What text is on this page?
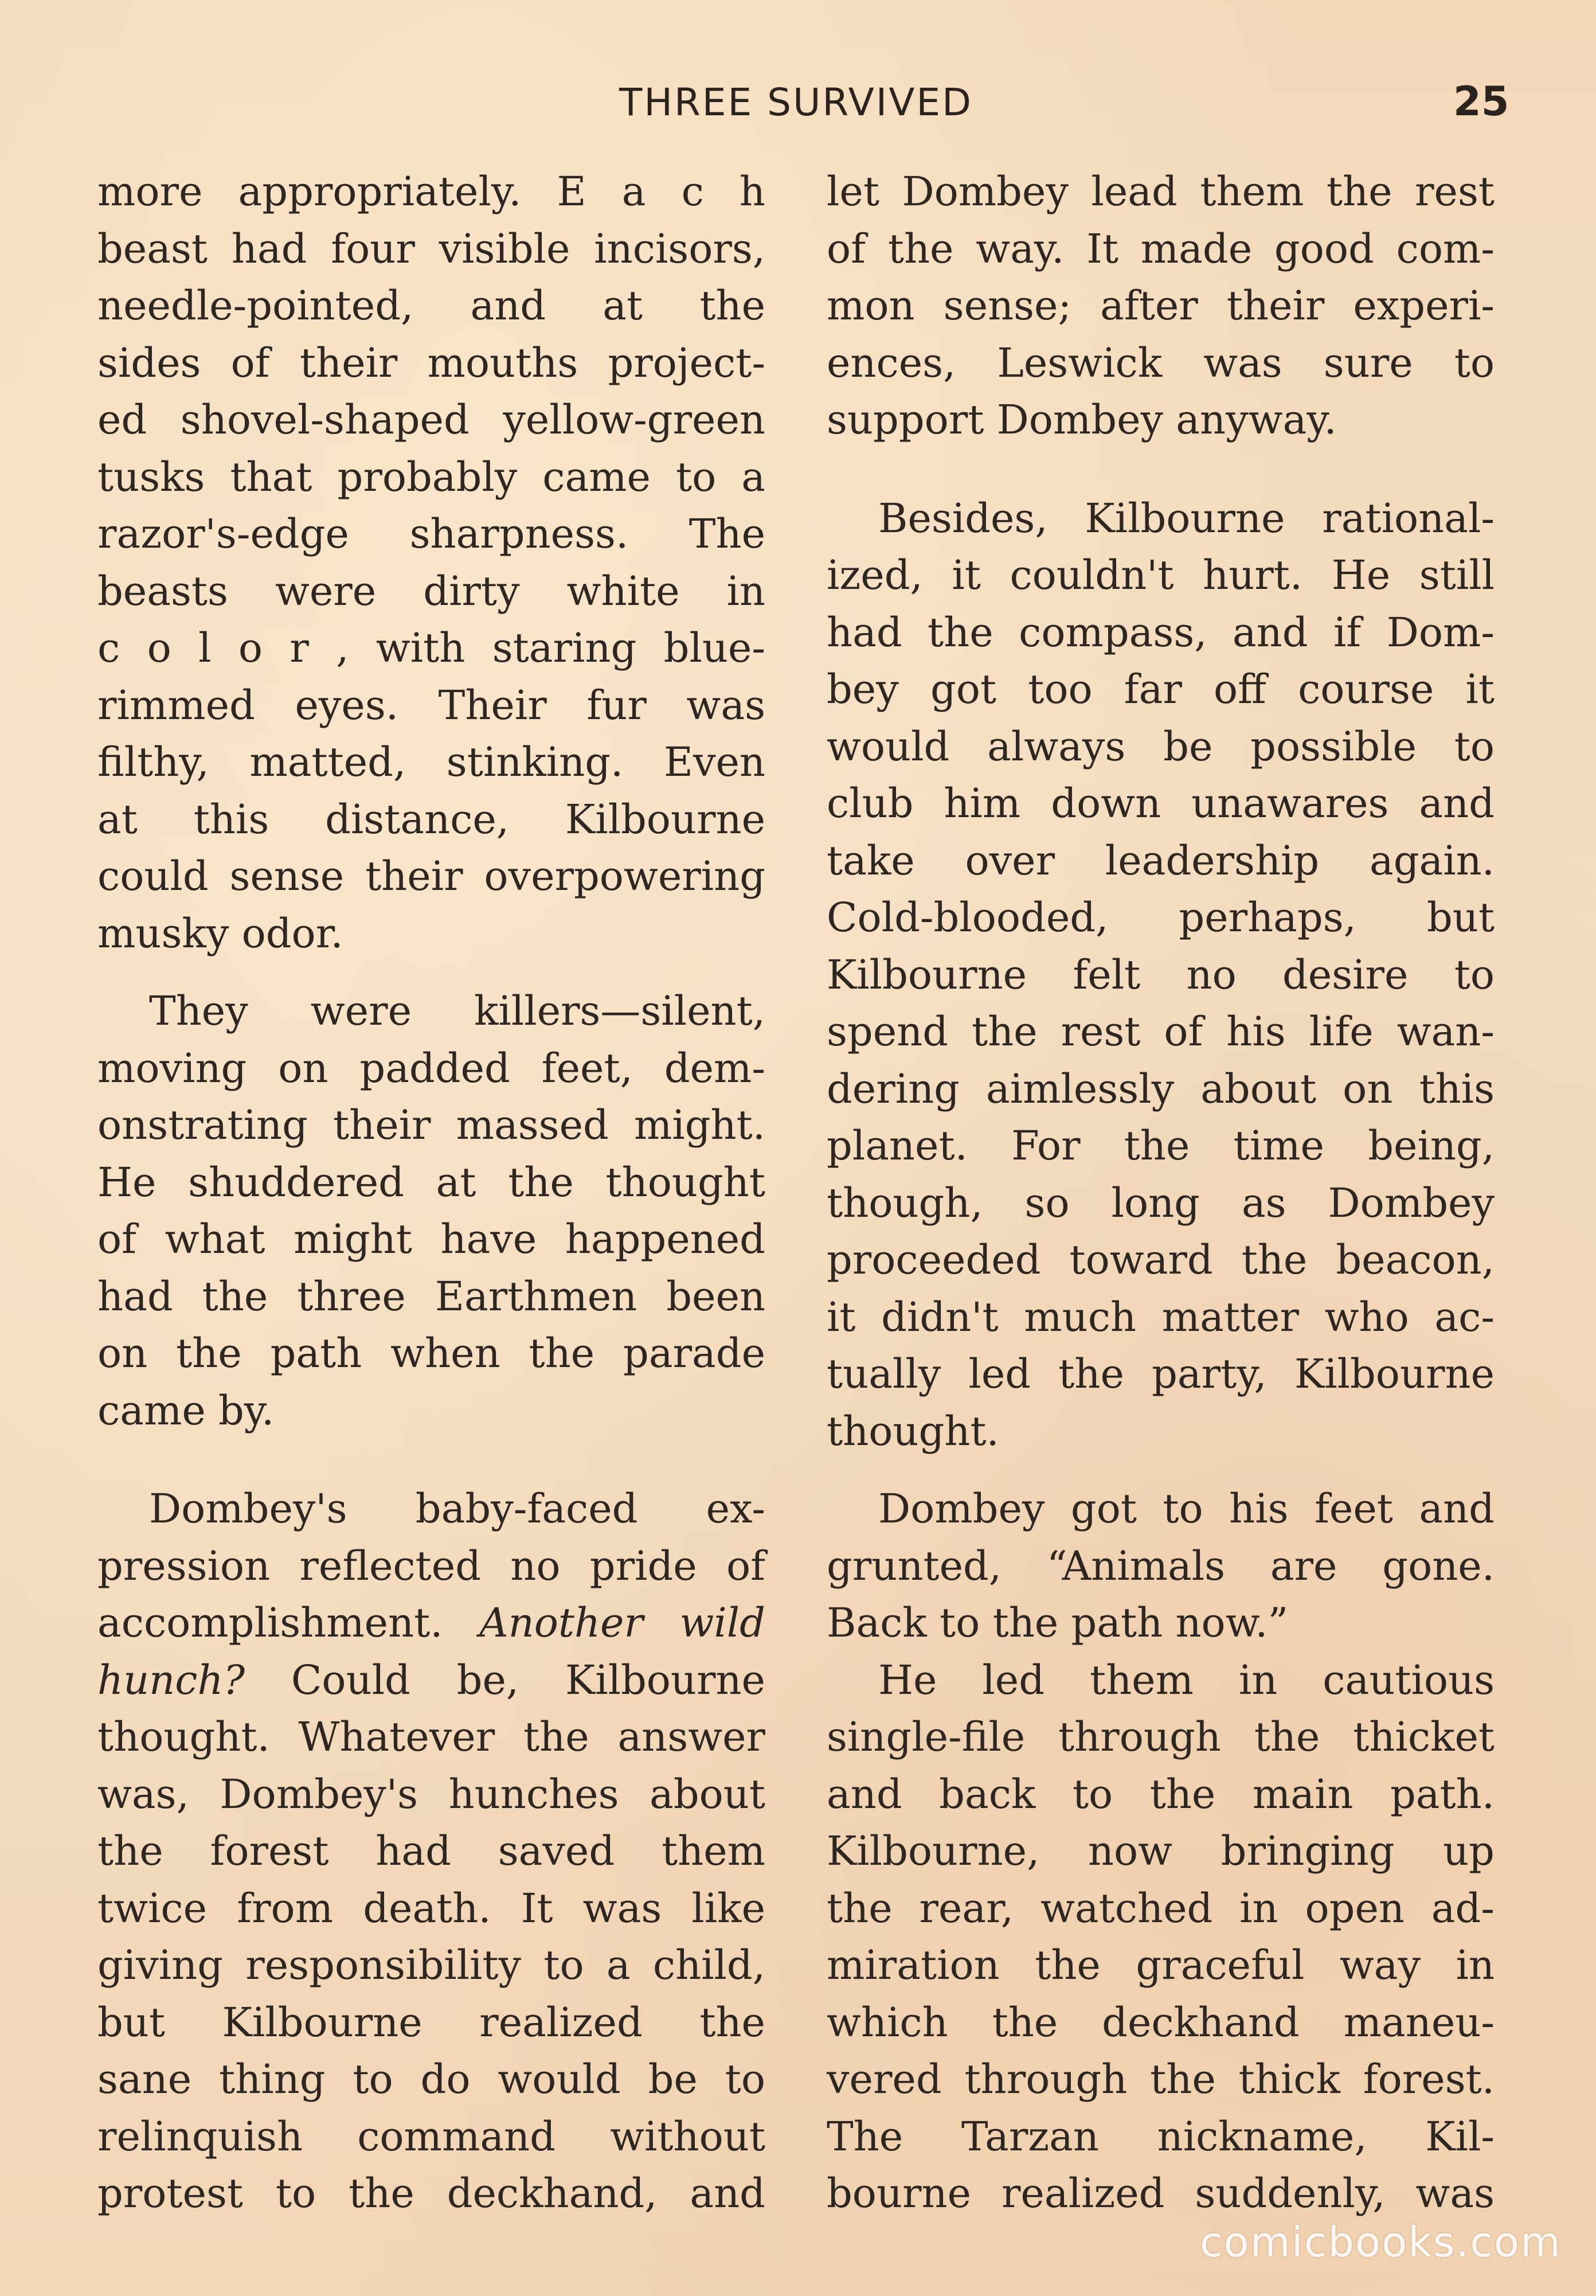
THREE SURVIVED	25
more appropriately. E a c h
beast had four visible incisors,
needle-pointed, and at the
sides of their mouths project-
ed shovel-shaped yellow-green
tusks that probably came to a
razor's-edge sharpness. The
beasts were dirty white in
c o l o r , with staring blue-
rimmed eyes. Their fur was
filthy, matted, stinking. Even
at this distance, Kilbourne
could sense their overpowering
musky odor.
They were killers—silent,
moving on padded feet, dem-
onstrating their massed might.
He shuddered at the thought
of what might have happened
had the three Earthmen been
on the path when the parade
came by.
Dombey's baby-faced ex-
pression reflected no pride of
accomplishment. Another wild
hunch? Could be, Kilbourne
thought. Whatever the answer
was, Dombey's hunches about
the forest had saved them
twice from death. It was like
giving responsibility to a child,
but Kilbourne realized the
sane thing to do would be to
relinquish command without
protest to the deckhand, and
let Dombey lead them the rest
of the way. It made good com-
mon sense; after their experi-
ences, Leswick was sure to
support Dombey anyway.
Besides, Kilbourne rational-
ized, it couldn't hurt. He still
had the compass, and if Dom-
bey got too far off course it
would always be possible to
club him down unawares and
take over leadership again.
Cold-blooded, perhaps, but
Kilbourne felt no desire to
spend the rest of his life wan-
dering aimlessly about on this
planet. For the time being,
though, so long as Dombey
proceeded toward the beacon,
it didn't much matter who ac-
tually led the party, Kilbourne
thought.
Dombey got to his feet and
grunted, “Animals are gone.
Back to the path now.”
He led them in cautious
single-file through the thicket
and back to the main path.
Kilbourne, now bringing up
the rear, watched in open ad-
miration the graceful way in
which the deckhand maneu-
vered through the thick forest.
The Tarzan nickname, Kil-
bourne realized suddenly, was
comicbooks.com
